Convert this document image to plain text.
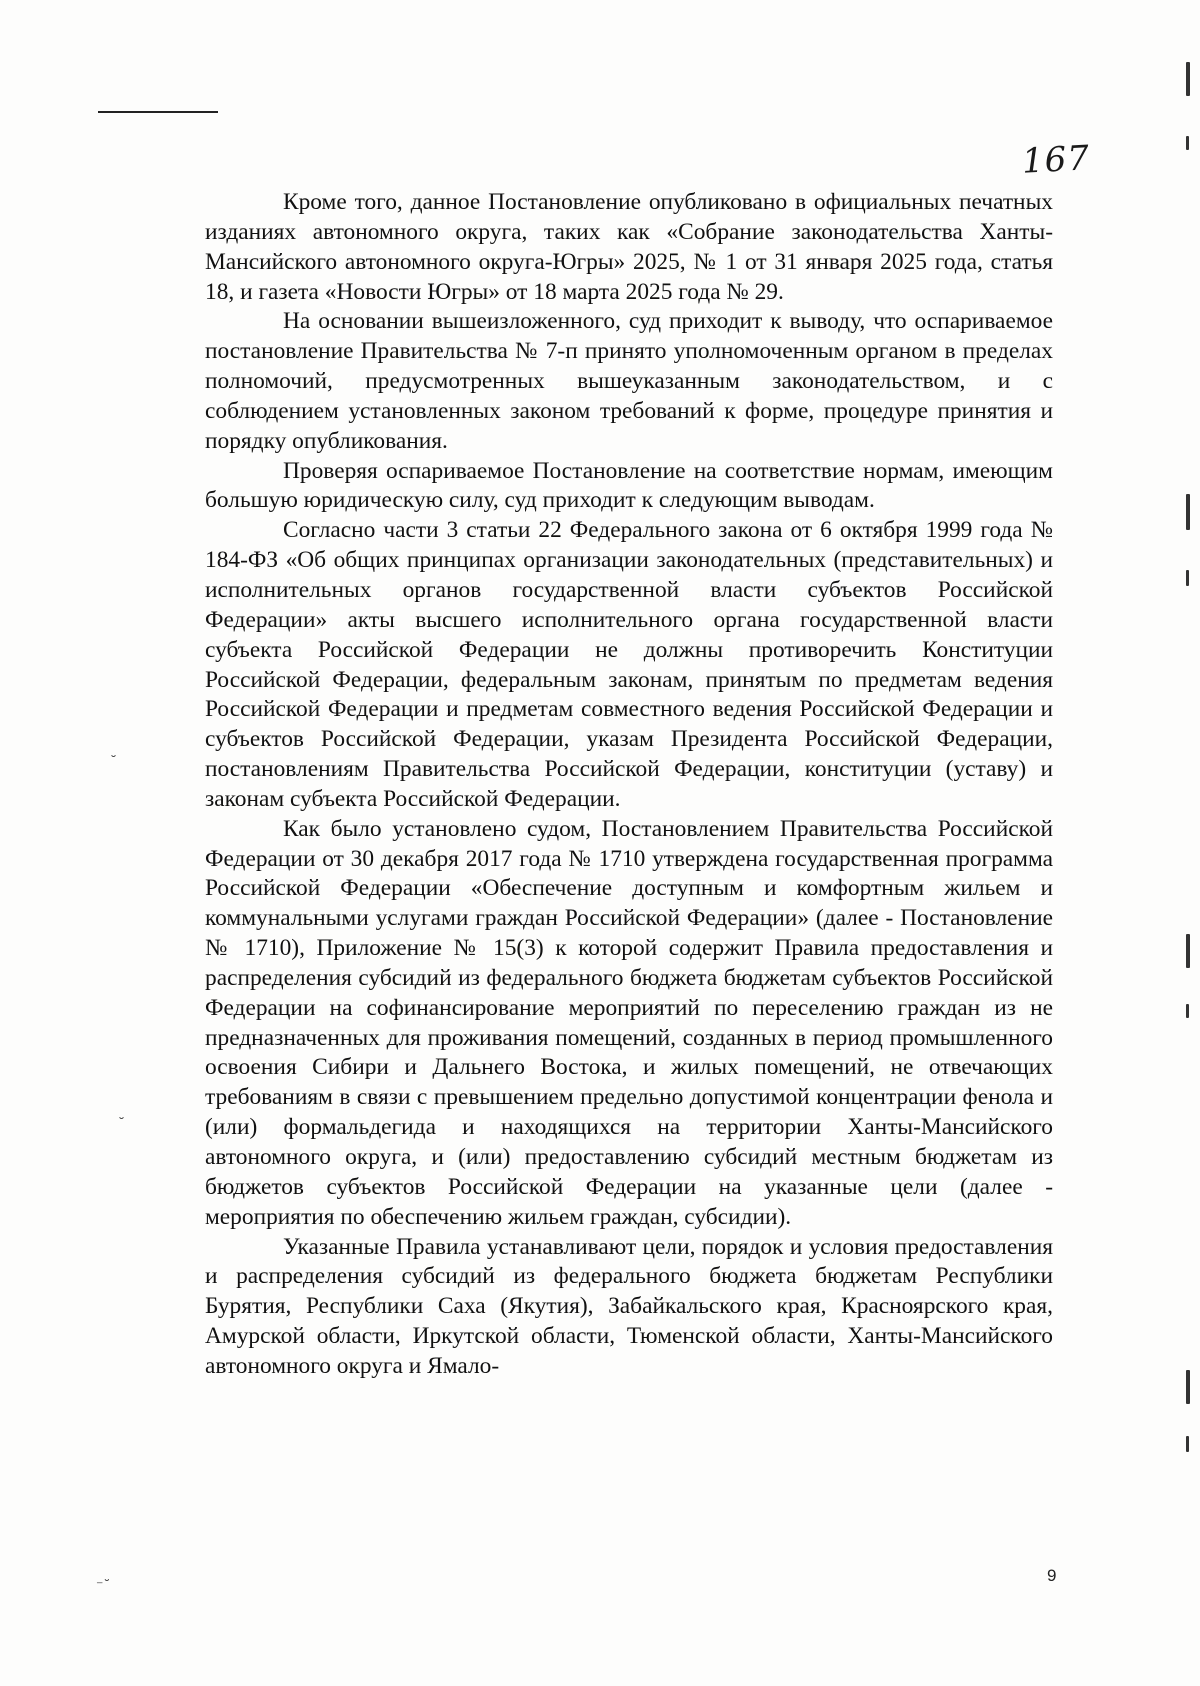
167

Кроме того, данное Постановление опубликовано в официальных печатных изданиях автономного округа, таких как «Собрание законодательства Ханты-Мансийского автономного округа-Югры» 2025, № 1 от 31 января 2025 года, статья 18, и газета «Новости Югры» от 18 марта 2025 года № 29.

На основании вышеизложенного, суд приходит к выводу, что оспариваемое постановление Правительства № 7-п принято уполномоченным органом в пределах полномочий, предусмотренных вышеуказанным законодательством, и с соблюдением установленных законом требований к форме, процедуре принятия и порядку опубликования.

Проверяя оспариваемое Постановление на соответствие нормам, имеющим большую юридическую силу, суд приходит к следующим выводам.

Согласно части 3 статьи 22 Федерального закона от 6 октября 1999 года № 184-ФЗ «Об общих принципах организации законодательных (представительных) и исполнительных органов государственной власти субъектов Российской Федерации» акты высшего исполнительного органа государственной власти субъекта Российской Федерации не должны противоречить Конституции Российской Федерации, федеральным законам, принятым по предметам ведения Российской Федерации и предметам совместного ведения Российской Федерации и субъектов Российской Федерации, указам Президента Российской Федерации, постановлениям Правительства Российской Федерации, конституции (уставу) и законам субъекта Российской Федерации.

Как было установлено судом, Постановлением Правительства Российской Федерации от 30 декабря 2017 года № 1710 утверждена государственная программа Российской Федерации «Обеспечение доступным и комфортным жильем и коммунальными услугами граждан Российской Федерации» (далее - Постановление № 1710), Приложение № 15(3) к которой содержит Правила предоставления и распределения субсидий из федерального бюджета бюджетам субъектов Российской Федерации на софинансирование мероприятий по переселению граждан из не предназначенных для проживания помещений, созданных в период промышленного освоения Сибири и Дальнего Востока, и жилых помещений, не отвечающих требованиям в связи с превышением предельно допустимой концентрации фенола и (или) формальдегида и находящихся на территории Ханты-Мансийского автономного округа, и (или) предоставлению субсидий местным бюджетам из бюджетов субъектов Российской Федерации на указанные цели (далее - мероприятия по обеспечению жильем граждан, субсидии).

Указанные Правила устанавливают цели, порядок и условия предоставления и распределения субсидий из федерального бюджета бюджетам Республики Бурятия, Республики Саха (Якутия), Забайкальского края, Красноярского края, Амурской области, Иркутской области, Тюменской области, Ханты-Мансийского автономного округа и Ямало-

9
˘
˘
⁻˘
